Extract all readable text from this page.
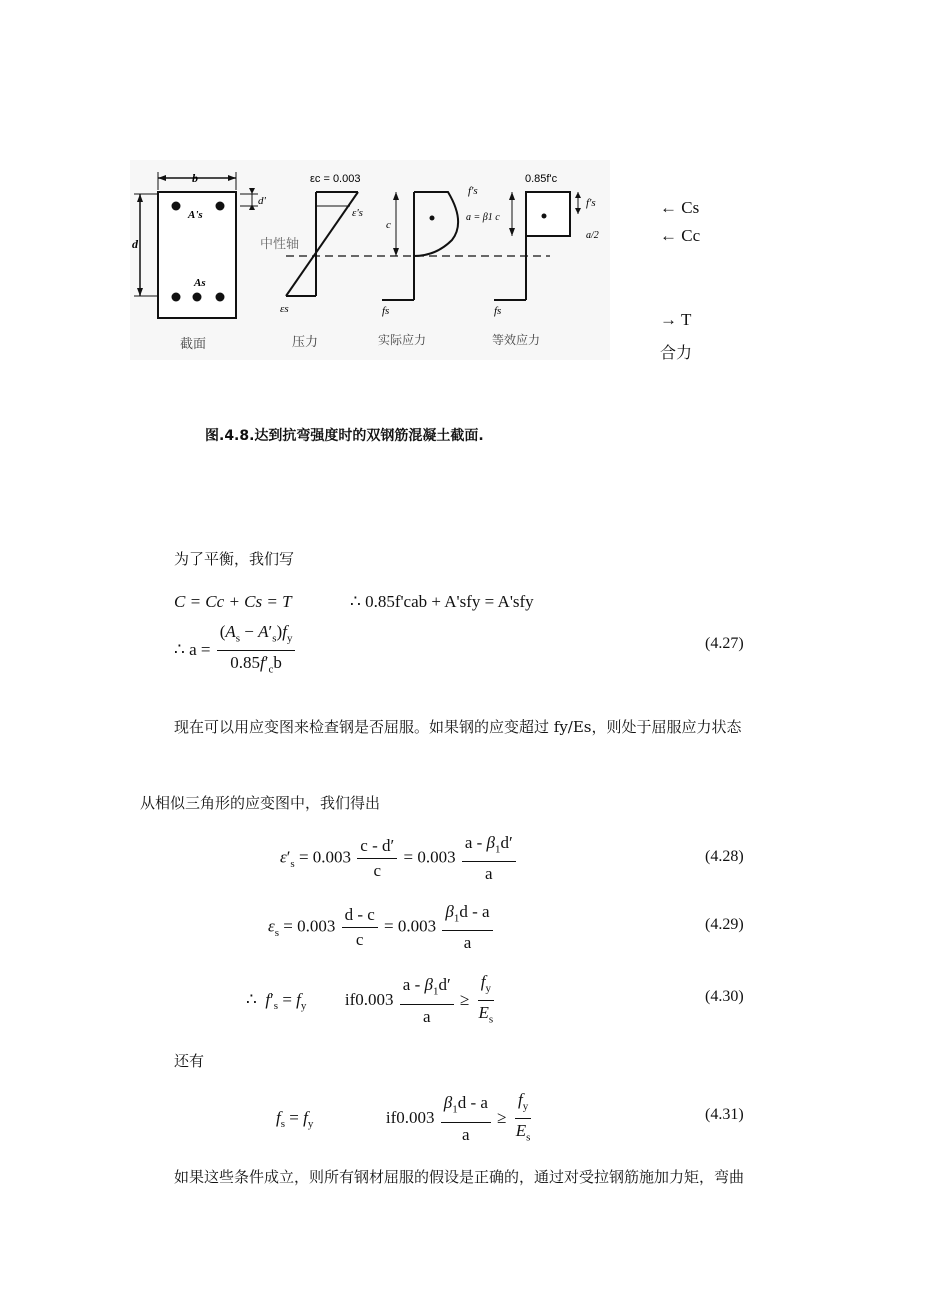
b
d
d'
A's
As
εc = 0.003
ε's
εs
中性轴
c
f's
fs
0.85f'c
a = β1 c
f's
a/2
fs
截面	压力	实际应力	等效应力
← Cs
← Cc
→ T
合力
图.4.8.达到抗弯强度时的双钢筋混凝土截面.
为了平衡，我们写
C = Cc + Cs = T	∴ 0.85f'cab + A'sfy = A'sfy
∴ $a = \frac{(A_s - A'_s)f_y}{0.85f'_cb}$	(4.27)
现在可以用应变图来检查钢是否屈服。如果钢的应变超过 fy/Es，则处于屈服应力状态
从相似三角形的应变图中，我们得出
$\varepsilon'_s = 0.003 \frac{c - d'}{c} = 0.003 \frac{a - \beta_1d'}{a}$	(4.28)
$\varepsilon_s = 0.003 \frac{d - c}{c} = 0.003 \frac{\beta_1d - a}{a}$	(4.29)
∴  $f'_s = f_y$  $if0.003 \frac{a - \beta_1d'}{a} \ge \frac{f_y}{E_s}$	(4.30)
还有
$f_s = f_y$	$if0.003 \frac{\beta_1d - a}{a} \ge \frac{f_y}{E_s}$	(4.31)
如果这些条件成立，则所有钢材屈服的假设是正确的，通过对受拉钢筋施加力矩，弯曲
